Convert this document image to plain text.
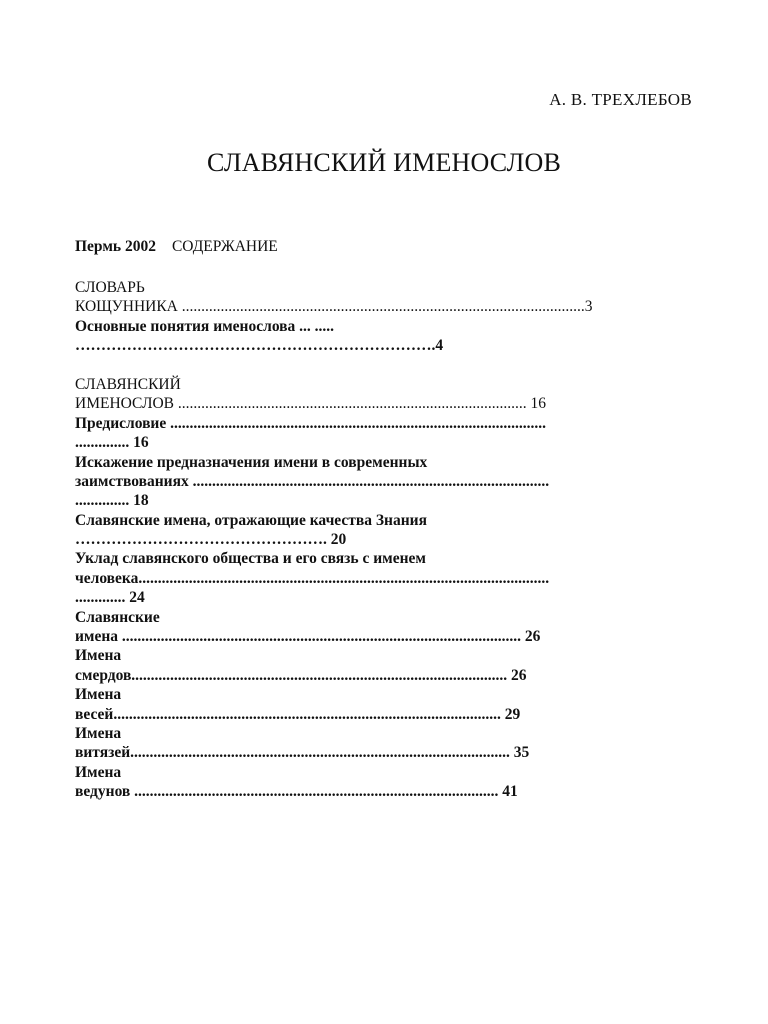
А. В. ТРЕХЛЕБОВ
СЛАВЯНСКИЙ ИМЕНОСЛОВ
Пермь 2002 СОДЕРЖАНИЕ
СЛОВАРЬ
КОЩУННИКА ........................................................................................................3
Основные понятия именослова ... .....
…………………………………………………………….4
СЛАВЯНСКИЙ
ИМЕНОСЛОВ .......................................................................................... 16
Предисловие .................................................................................................
.............. 16
Искажение предназначения имени в современных
заимствованиях ............................................................................................
.............. 18
Славянские имена, отражающие качества Знания
…………………………………………. 20
Уклад славянского общества и его связь с именем
человека..........................................................................................................
............. 24
Славянские
имена ....................................................................................................... 26
Имена
смердов................................................................................................. 26
Имена
весей.................................................................................................... 29
Имена
витязей.................................................................................................. 35
Имена
ведунов .............................................................................................. 41
